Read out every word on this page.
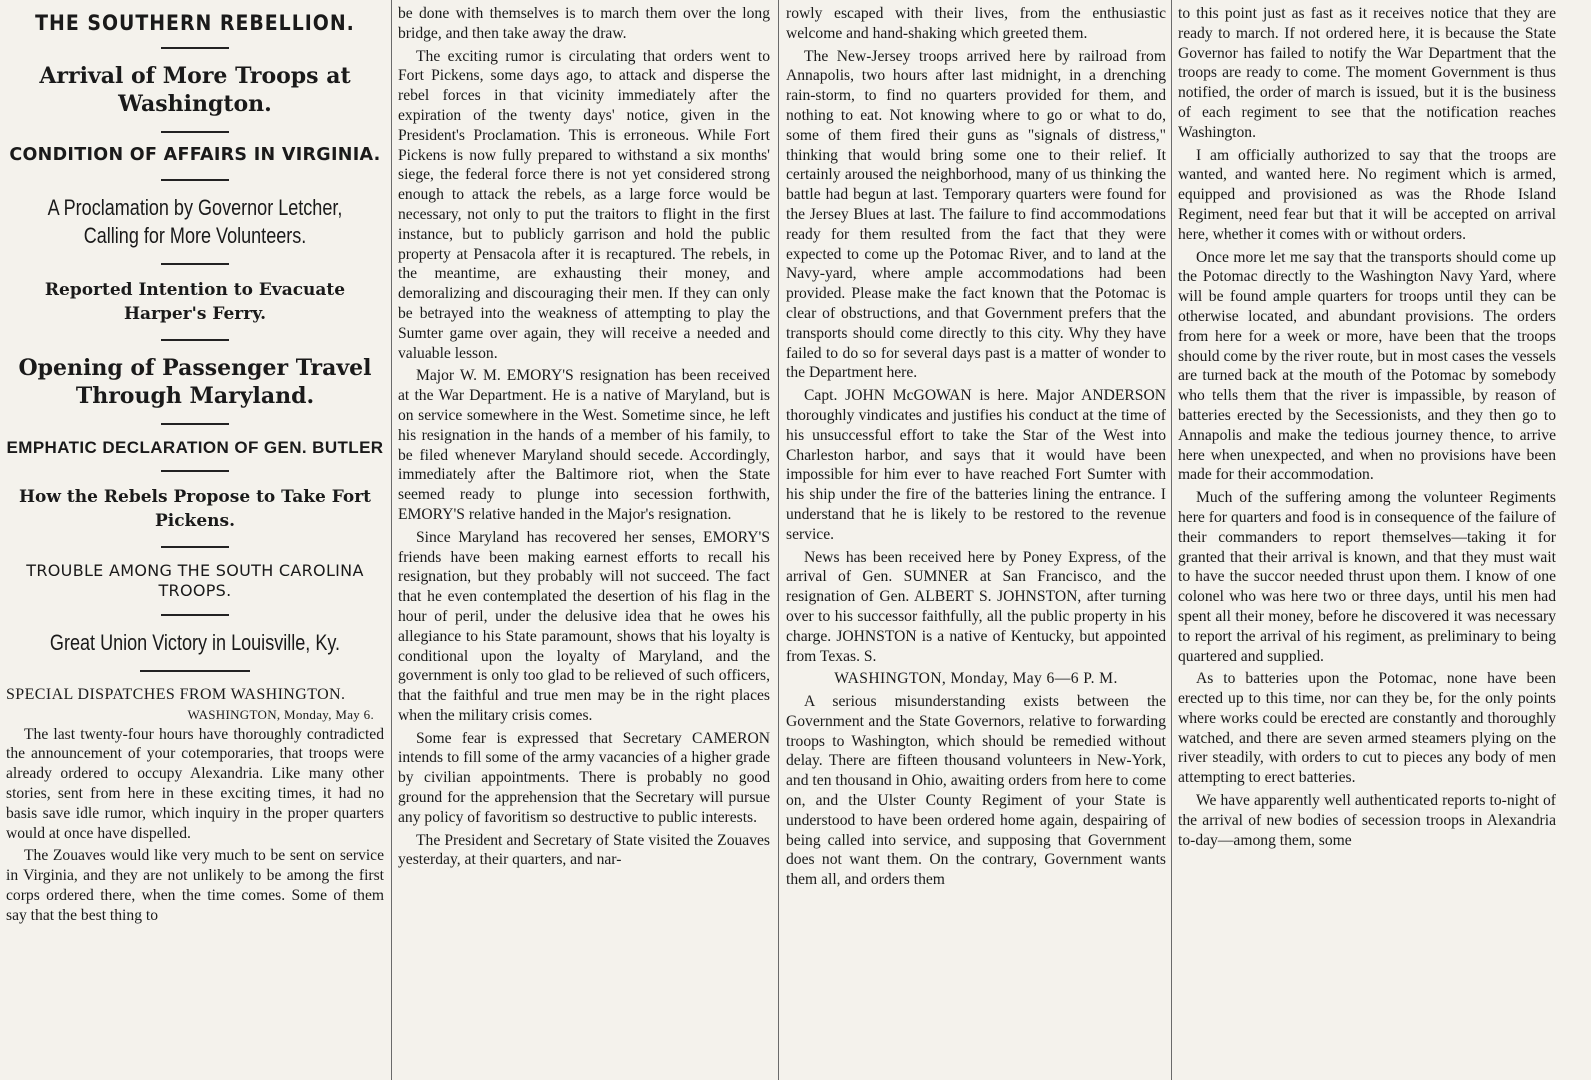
THE SOUTHERN REBELLION.
Arrival of More Troops at Washington.
CONDITION OF AFFAIRS IN VIRGINIA.
A Proclamation by Governor Letcher,
Calling for More Volunteers.
Reported Intention to Evacuate Harper's Ferry.
Opening of Passenger Travel Through Maryland.
EMPHATIC DECLARATION OF GEN. BUTLER
How the Rebels Propose to Take Fort Pickens.
TROUBLE AMONG THE SOUTH CAROLINA TROOPS.
Great Union Victory in Louisville, Ky.
SPECIAL DISPATCHES FROM WASHINGTON.
WASHINGTON, Monday, May 6.

The last twenty-four hours have thoroughly contradicted the announcement of your cotemporaries, that troops were already ordered to occupy Alexandria. Like many other stories, sent from here in these exciting times, it had no basis save idle rumor, which inquiry in the proper quarters would at once have dispelled.

The Zouaves would like very much to be sent on service in Virginia, and they are not unlikely to be among the first corps ordered there, when the time comes. Some of them say that the best thing to

be done with themselves is to march them over the long bridge, and then take away the draw.

The exciting rumor is circulating that orders went to Fort Pickens, some days ago, to attack and disperse the rebel forces in that vicinity immediately after the expiration of the twenty days' notice, given in the President's Proclamation. This is erroneous. While Fort Pickens is now fully prepared to withstand a six months' siege, the federal force there is not yet considered strong enough to attack the rebels, as a large force would be necessary, not only to put the traitors to flight in the first instance, but to publicly garrison and hold the public property at Pensacola after it is recaptured. The rebels, in the meantime, are exhausting their money, and demoralizing and discouraging their men. If they can only be betrayed into the weakness of attempting to play the Sumter game over again, they will receive a needed and valuable lesson.

Major W. M. EMORY'S resignation has been received at the War Department. He is a native of Maryland, but is on service somewhere in the West. Sometime since, he left his resignation in the hands of a member of his family, to be filed whenever Maryland should secede. Accordingly, immediately after the Baltimore riot, when the State seemed ready to plunge into secession forthwith, EMORY'S relative handed in the Major's resignation.

Since Maryland has recovered her senses, EMORY'S friends have been making earnest efforts to recall his resignation, but they probably will not succeed. The fact that he even contemplated the desertion of his flag in the hour of peril, under the delusive idea that he owes his allegiance to his State paramount, shows that his loyalty is conditional upon the loyalty of Maryland, and the government is only too glad to be relieved of such officers, that the faithful and true men may be in the right places when the military crisis comes.

Some fear is expressed that Secretary CAMERON intends to fill some of the army vacancies of a higher grade by civilian appointments. There is probably no good ground for the apprehension that the Secretary will pursue any policy of favoritism so destructive to public interests.

The President and Secretary of State visited the Zouaves yesterday, at their quarters, and nar-

rowly escaped with their lives, from the enthusiastic welcome and hand-shaking which greeted them.

The New-Jersey troops arrived here by railroad from Annapolis, two hours after last midnight, in a drenching rain-storm, to find no quarters provided for them, and nothing to eat. Not knowing where to go or what to do, some of them fired their guns as "signals of distress," thinking that would bring some one to their relief. It certainly aroused the neighborhood, many of us thinking the battle had begun at last. Temporary quarters were found for the Jersey Blues at last. The failure to find accommodations ready for them resulted from the fact that they were expected to come up the Potomac River, and to land at the Navy-yard, where ample accommodations had been provided. Please make the fact known that the Potomac is clear of obstructions, and that Government prefers that the transports should come directly to this city. Why they have failed to do so for several days past is a matter of wonder to the Department here.

Capt. JOHN McGOWAN is here. Major ANDERSON thoroughly vindicates and justifies his conduct at the time of his unsuccessful effort to take the Star of the West into Charleston harbor, and says that it would have been impossible for him ever to have reached Fort Sumter with his ship under the fire of the batteries lining the entrance. I understand that he is likely to be restored to the revenue service.

News has been received here by Poney Express, of the arrival of Gen. SUMNER at San Francisco, and the resignation of Gen. ALBERT S. JOHNSTON, after turning over to his successor faithfully, all the public property in his charge. JOHNSTON is a native of Kentucky, but appointed from Texas. S.

WASHINGTON, Monday, May 6—6 P. M.

A serious misunderstanding exists between the Government and the State Governors, relative to forwarding troops to Washington, which should be remedied without delay. There are fifteen thousand volunteers in New-York, and ten thousand in Ohio, awaiting orders from here to come on, and the Ulster County Regiment of your State is understood to have been ordered home again, despairing of being called into service, and supposing that Government does not want them. On the contrary, Government wants them all, and orders them

to this point just as fast as it receives notice that they are ready to march. If not ordered here, it is because the State Governor has failed to notify the War Department that the troops are ready to come. The moment Government is thus notified, the order of march is issued, but it is the business of each regiment to see that the notification reaches Washington.

I am officially authorized to say that the troops are wanted, and wanted here. No regiment which is armed, equipped and provisioned as was the Rhode Island Regiment, need fear but that it will be accepted on arrival here, whether it comes with or without orders.

Once more let me say that the transports should come up the Potomac directly to the Washington Navy Yard, where will be found ample quarters for troops until they can be otherwise located, and abundant provisions. The orders from here for a week or more, have been that the troops should come by the river route, but in most cases the vessels are turned back at the mouth of the Potomac by somebody who tells them that the river is impassible, by reason of batteries erected by the Secessionists, and they then go to Annapolis and make the tedious journey thence, to arrive here when unexpected, and when no provisions have been made for their accommodation.

Much of the suffering among the volunteer Regiments here for quarters and food is in consequence of the failure of their commanders to report themselves—taking it for granted that their arrival is known, and that they must wait to have the succor needed thrust upon them. I know of one colonel who was here two or three days, until his men had spent all their money, before he discovered it was necessary to report the arrival of his regiment, as preliminary to being quartered and supplied.

As to batteries upon the Potomac, none have been erected up to this time, nor can they be, for the only points where works could be erected are constantly and thoroughly watched, and there are seven armed steamers plying on the river steadily, with orders to cut to pieces any body of men attempting to erect batteries.

We have apparently well authenticated reports to-night of the arrival of new bodies of secession troops in Alexandria to-day—among them, some
